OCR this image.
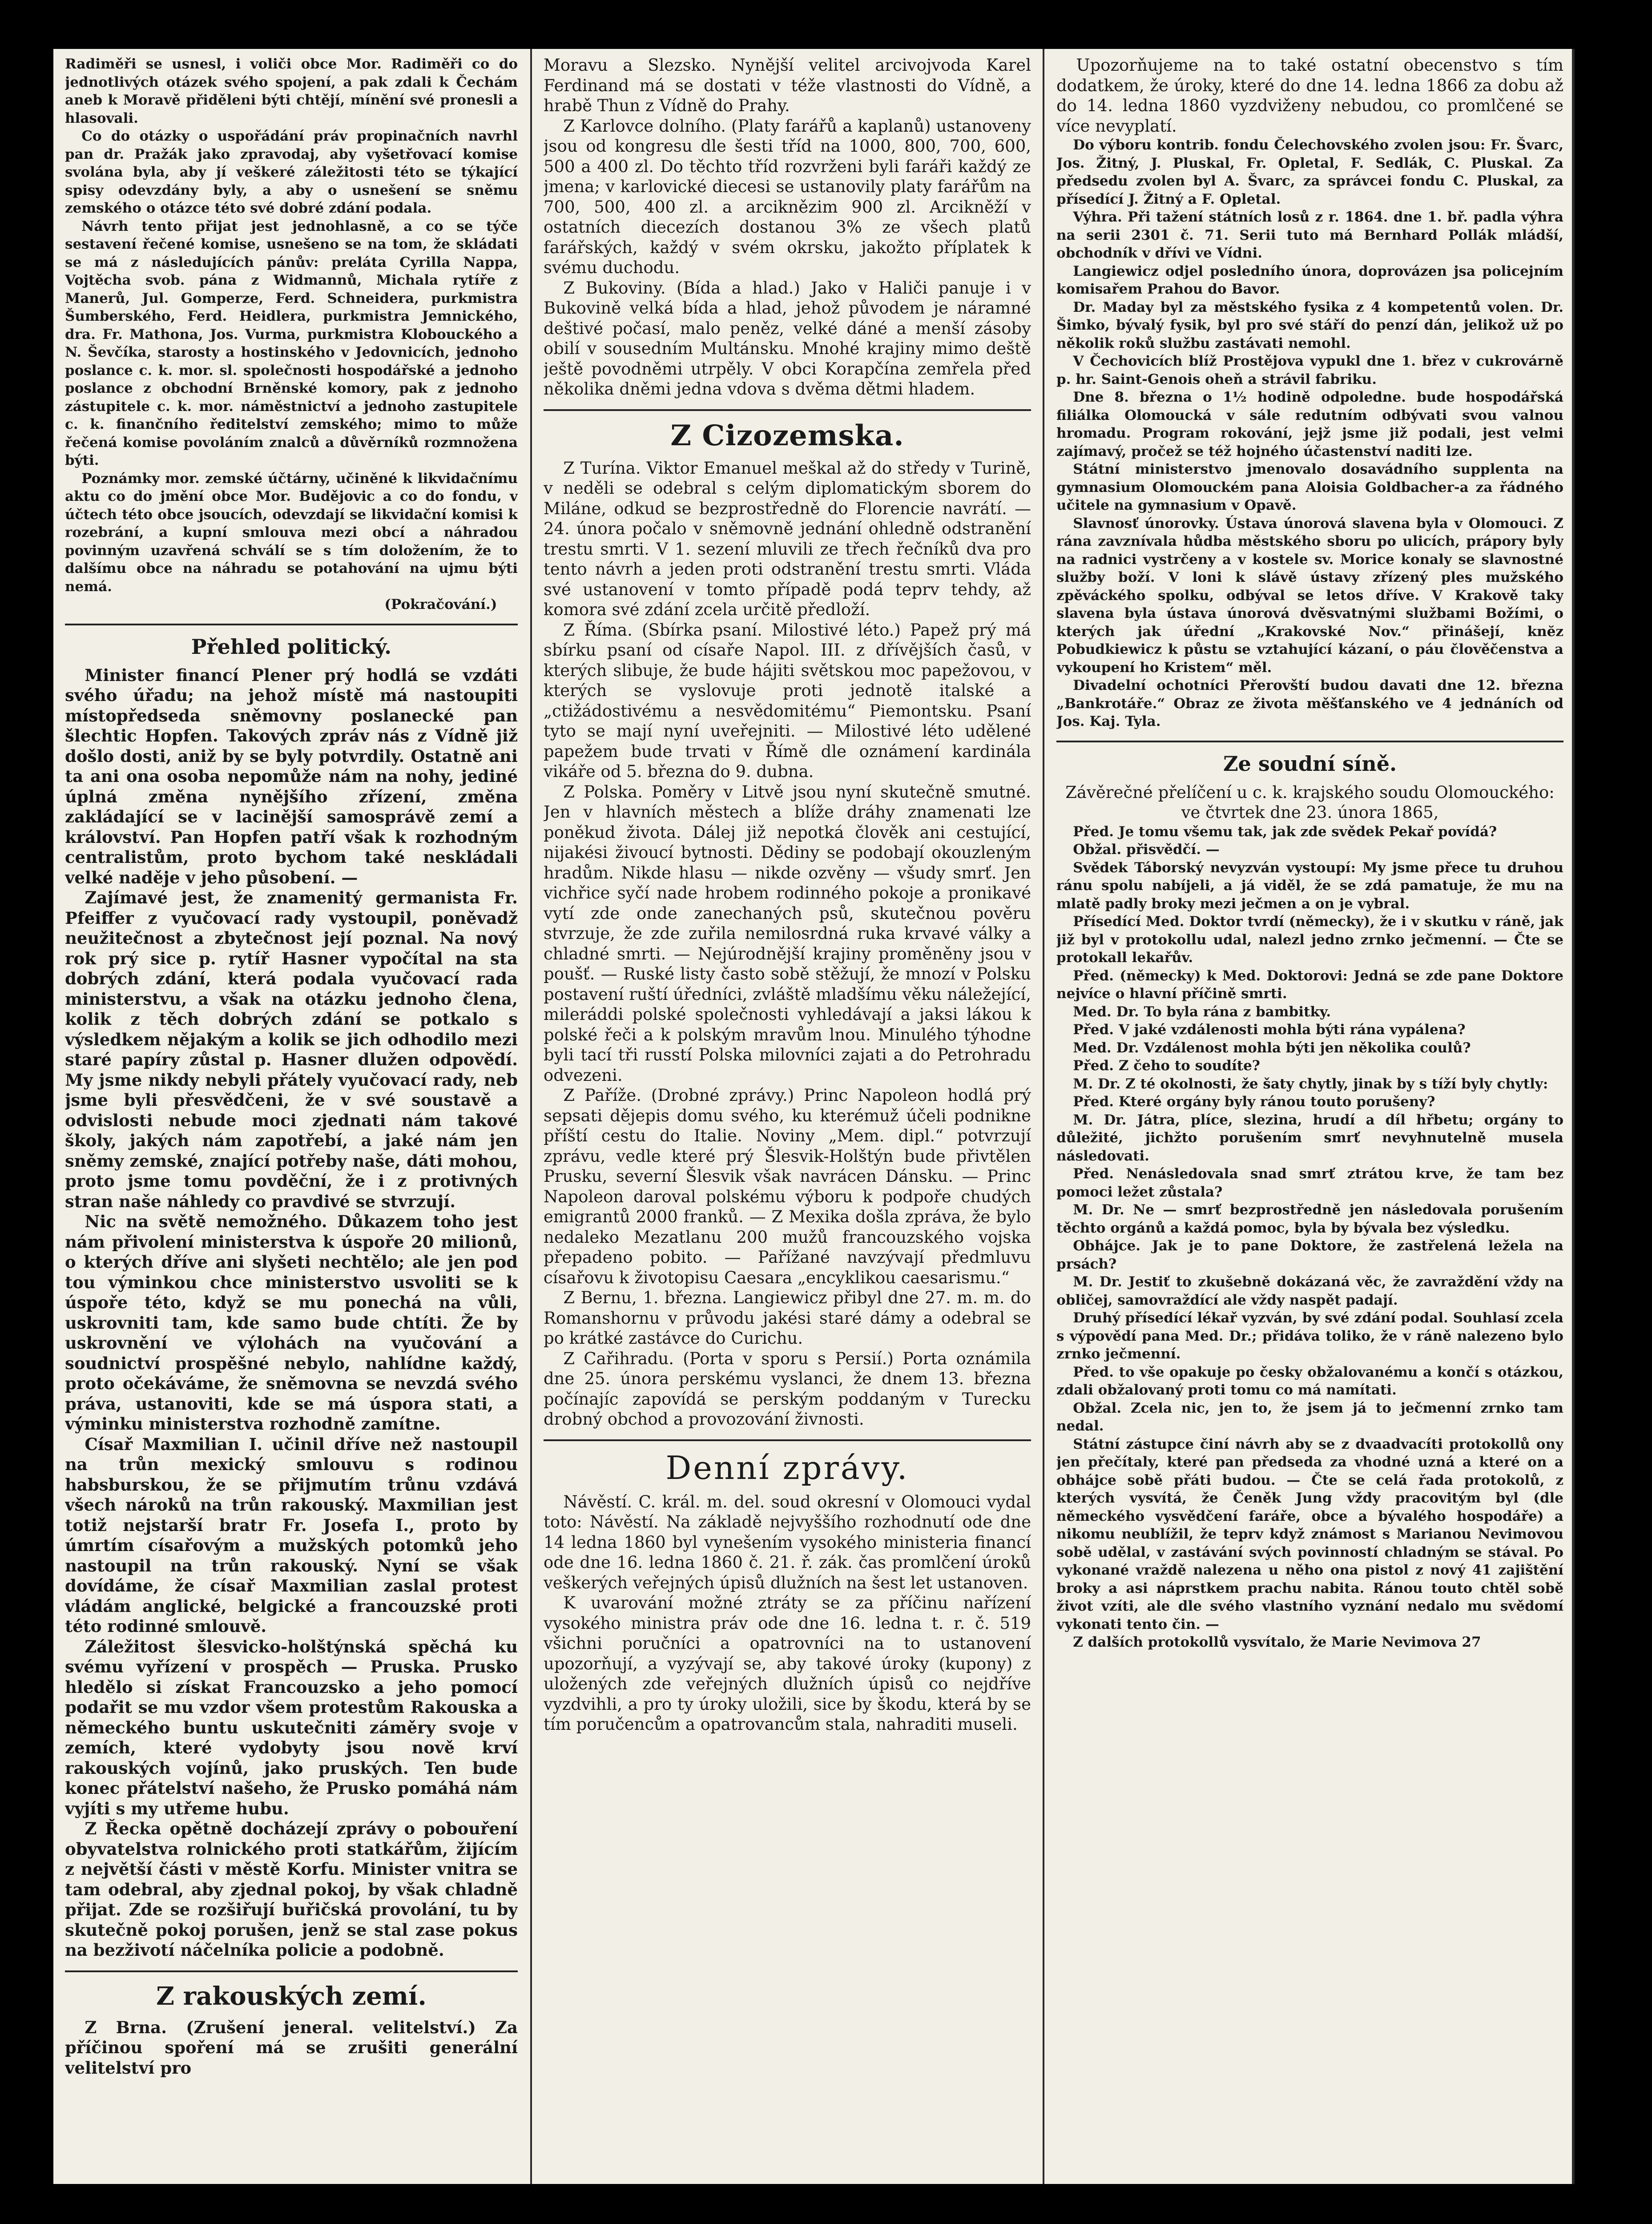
Radiměři se usnesl, i voliči obce Mor. Radiměři co do jednotlivých otázek svého spojení, a pak zdali k Čechám aneb k Moravě přiděleni býti chtějí, mínění své pronesli a hlasovali.

Co do otázky o uspořádání práv propinačních navrhl pan dr. Pražák jako zpravodaj, aby vyšetřovací komise svolána byla, aby jí veškeré záležitosti této se týkající spisy odevzdány byly, a aby o usnešení se sněmu zemského o otázce této své dobré zdání podala.

Návrh tento přijat jest jednohlasně, a co se týče sestavení řečené komise, usnešeno se na tom, že skládati se má z následujících pánův: preláta Cyrilla Nappa, Vojtěcha svob. pána z Widmannů, Michala rytíře z Manerů, Jul. Gomperze, Ferd. Schneidera, purkmistra Šumberského, Ferd. Heidlera, purkmistra Jemnického, dra. Fr. Mathona, Jos. Vurma, purkmistra Klobouckého a N. Ševčíka, starosty a hostinského v Jedovnicích, jednoho poslance c. k. mor. sl. společnosti hospodářské a jednoho poslance z obchodní Brněnské komory, pak z jednoho zástupitele c. k. mor. náměstnictví a jednoho zastupitele c. k. finančního ředitelství zemského; mimo to může řečená komise povoláním znalců a důvěrníků rozmnožena býti.

Poznámky mor. zemské účtárny, učiněné k likvidačnímu aktu co do jmění obce Mor. Budějovic a co do fondu, v účtech této obce jsoucích, odevzdají se likvidační komisi k rozebrání, a kupní smlouva mezi obcí a náhradou povinným uzavřená schválí se s tím doložením, že to dalšímu obce na náhradu se potahování na ujmu býti nemá.

(Pokračování.)

Přehled politický.

Minister financí Plener prý hodlá se vzdáti svého úřadu; na jehož místě má nastoupiti místopředseda sněmovny poslanecké pan šlechtic Hopfen. Takových zpráv nás z Vídně již došlo dosti, aniž by se byly potvrdily. Ostatně ani ta ani ona osoba nepomůže nám na nohy, jediné úplná změna nynějšího zřízení, změna zakládající se v lacinější samosprávě zemí a království. Pan Hopfen patří však k rozhodným centralistům, proto bychom také neskládali velké naděje v jeho působení. —

Zajímavé jest, že znamenitý germanista Fr. Pfeiffer z vyučovací rady vystoupil, poněvadž neužitečnost a zbytečnost její poznal. Na nový rok prý sice p. rytíř Hasner vypočítal na sta dobrých zdání, která podala vyučovací rada ministerstvu, a však na otázku jednoho člena, kolik z těch dobrých zdání se potkalo s výsledkem nějakým a kolik se jich odhodilo mezi staré papíry zůstal p. Hasner dlužen odpovědí. My jsme nikdy nebyli přátely vyučovací rady, neb jsme byli přesvědčeni, že v své soustavě a odvislosti nebude moci zjednati nám takové školy, jakých nám zapotřebí, a jaké nám jen sněmy zemské, znající potřeby naše, dáti mohou, proto jsme tomu povděční, že i z protivných stran naše náhledy co pravdivé se stvrzují.

Nic na světě nemožného. Důkazem toho jest nám přivolení ministerstva k úspoře 20 milionů, o kterých dříve ani slyšeti nechtělo; ale jen pod tou výminkou chce ministerstvo usvoliti se k úspoře této, když se mu ponechá na vůli, uskrovniti tam, kde samo bude chtíti. Že by uskrovnění ve výlohách na vyučování a soudnictví prospěšné nebylo, nahlídne každý, proto očekáváme, že sněmovna se nevzdá svého práva, ustanoviti, kde se má úspora stati, a výminku ministerstva rozhodně zamítne.

Císař Maxmilian I. učinil dříve než nastoupil na trůn mexický smlouvu s rodinou habsburskou, že se přijmutím trůnu vzdává všech nároků na trůn rakouský. Maxmilian jest totiž nejstarší bratr Fr. Josefa I., proto by úmrtím císařovým a mužských potomků jeho nastoupil na trůn rakouský. Nyní se však dovídáme, že císař Maxmilian zaslal protest vládám anglické, belgické a francouzské proti této rodinné smlouvě.

Záležitost šlesvicko-holštýnská spěchá ku svému vyřízení v prospěch — Pruska. Prusko hledělo si získat Francouzsko a jeho pomocí podařit se mu vzdor všem protestům Rakouska a německého buntu uskutečniti záměry svoje v zemích, které vydobyty jsou nově krví rakouských vojínů, jako pruských. Ten bude konec přátelství našeho, že Prusko pomáhá nám vyjíti s my utřeme hubu.

Z Řecka opětně docházejí zprávy o pobouření obyvatelstva rolnického proti statkářům, žijícím z největší části v městě Korfu. Minister vnitra se tam odebral, aby zjednal pokoj, by však chladně přijat. Zde se rozšiřují buřičská provolání, tu by skutečně pokoj porušen, jenž se stal zase pokus na bezživotí náčelníka policie a podobně.

Z rakouských zemí.

Z Brna. (Zrušení jeneral. velitelství.) Za příčinou spoření má se zrušiti generální velitelství pro

Moravu a Slezsko. Nynější velitel arcivojvoda Karel Ferdinand má se dostati v téže vlastnosti do Vídně, a hrabě Thun z Vídně do Prahy.

Z Karlovce dolního. (Platy farářů a kaplanů) ustanoveny jsou od kongresu dle šesti tříd na 1000, 800, 700, 600, 500 a 400 zl. Do těchto tříd rozvrženi byli faráři každý ze jmena; v karlovické diecesi se ustanovily platy farářům na 700, 500, 400 zl. a arciknězim 900 zl. Arcikněží v ostatních diecezích dostanou 3% ze všech platů farářských, každý v svém okrsku, jakožto příplatek k svému duchodu.

Z Bukoviny. (Bída a hlad.) Jako v Haliči panuje i v Bukovině velká bída a hlad, jehož původem je náramné deštivé počasí, malo peněz, velké dáné a menší zásoby obilí v sousedním Multánsku. Mnohé krajiny mimo deště ještě povodněmi utrpěly. V obci Korapčína zemřela před několika dněmi jedna vdova s dvěma dětmi hladem.

Z Cizozemska.

Z Turína. Viktor Emanuel meškal až do středy v Turině, v neděli se odebral s celým diplomatickým sborem do Miláne, odkud se bezprostředně do Florencie navrátí. — 24. února počalo v sněmovně jednání ohledně odstranění trestu smrti. V 1. sezení mluvili ze třech řečníků dva pro tento návrh a jeden proti odstranění trestu smrti. Vláda své ustanovení v tomto případě podá teprv tehdy, až komora své zdání zcela určitě předloží.

Z Říma. (Sbírka psaní. Milostivé léto.) Papež prý má sbírku psaní od císaře Napol. III. z dřívějších časů, v kterých slibuje, že bude hájiti světskou moc papežovou, v kterých se vyslovuje proti jednotě italské a „ctižádostivému a nesvědomitému“ Piemontsku. Psaní tyto se mají nyní uveřejniti. — Milostivé léto udělené papežem bude trvati v Římě dle oznámení kardinála vikáře od 5. března do 9. dubna.

Z Polska. Poměry v Litvě jsou nyní skutečně smutné. Jen v hlavních městech a blíže dráhy znamenati lze poněkud života. Dálej již nepotká člověk ani cestující, nijakési živoucí bytnosti. Dědiny se podobají okouzleným hradům. Nikde hlasu — nikde ozvěny — všudy smrť. Jen vichřice syčí nade hrobem rodinného pokoje a pronikavé vytí zde onde zanechaných psů, skutečnou pověru stvrzuje, že zde zuřila nemilosrdná ruka krvavé války a chladné smrti. — Nejúrodnější krajiny proměněny jsou v poušť. — Ruské listy často sobě stěžují, že mnozí v Polsku postavení ruští úředníci, zvláště mladšímu věku náležející, mileráddi polské společnosti vyhledávají a jaksi lákou k polské řeči a k polským mravům lnou. Minulého týhodne byli tací tři russtí Polska milovníci zajati a do Petrohradu odvezeni.

Z Paříže. (Drobné zprávy.) Princ Napoleon hodlá prý sepsati dějepis domu svého, ku kterémuž účeli podnikne příští cestu do Italie. Noviny „Mem. dipl.“ potvrzují zprávu, vedle které prý Šlesvik-Holštýn bude přivtělen Prusku, severní Šlesvik však navrácen Dánsku. — Princ Napoleon daroval polskému výboru k podpoře chudých emigrantů 2000 franků. — Z Mexika došla zpráva, že bylo nedaleko Mezatlanu 200 mužů francouzského vojska přepadeno pobito. — Pařížané navzývají předmluvu císařovu k životopisu Caesara „encyklikou caesarismu.“

Z Bernu, 1. března. Langiewicz přibyl dne 27. m. m. do Romanshornu v průvodu jakési staré dámy a odebral se po krátké zastávce do Curichu.

Z Cařihradu. (Porta v sporu s Persií.) Porta oznámila dne 25. února perskému vyslanci, že dnem 13. března počínajíc zapovídá se perským poddaným v Turecku drobný obchod a provozování živnosti.

Denní zprávy.

Návěstí. C. král. m. del. soud okresní v Olomouci vydal toto: Návěstí. Na základě nejvyššího rozhodnutí ode dne 14 ledna 1860 byl vynešením vysokého ministeria financí ode dne 16. ledna 1860 č. 21. ř. zák. čas promlčení úroků veškerých veřejných úpisů dlužních na šest let ustanoven.

K uvarování možné ztráty se za příčinu nařízení vysokého ministra práv ode dne 16. ledna t. r. č. 519 všichni poručníci a opatrovníci na to ustanovení upozorňují, a vyzývají se, aby takové úroky (kupony) z uložených zde veřejných dlužních úpisů co nejdříve vyzdvihli, a pro ty úroky uložili, sice by škodu, která by se tím poručencům a opatrovancům stala, nahraditi museli.

Upozorňujeme na to také ostatní obecenstvo s tím dodatkem, že úroky, které do dne 14. ledna 1866 za dobu až do 14. ledna 1860 vyzdviženy nebudou, co promlčené se více nevyplatí.

Do výboru kontrib. fondu Čelechovského zvolen jsou: Fr. Švarc, Jos. Žitný, J. Pluskal, Fr. Opletal, F. Sedlák, C. Pluskal. Za předsedu zvolen byl A. Švarc, za správcei fondu C. Pluskal, za přísedící J. Žitný a F. Opletal.

Výhra. Při tažení státních losů z r. 1864. dne 1. bř. padla výhra na serii 2301 č. 71. Serii tuto má Bernhard Pollák mládší, obchodník v dřívi ve Vídni.

Langiewicz odjel posledního února, doprovázen jsa policejním komisařem Prahou do Bavor.

Dr. Maday byl za městského fysika z 4 kompetentů volen. Dr. Šimko, bývalý fysik, byl pro své stáří do penzí dán, jelikož už po několik roků službu zastávati nemohl.

V Čechovicích blíž Prostějova vypukl dne 1. břez v cukrovárně p. hr. Saint-Genois oheň a strávil fabriku.

Dne 8. března o 1½ hodině odpoledne. bude hospodářská filiálka Olomoucká v sále redutním odbývati svou valnou hromadu. Program rokování, jejž jsme již podali, jest velmi zajímavý, pročež se též hojného účastenství naditi lze.

Státní ministerstvo jmenovalo dosavádního supplenta na gymnasium Olomouckém pana Aloisia Goldbacher-a za řádného učitele na gymnasium v Opavě.

Slavnosť únorovky. Ústava únorová slavena byla v Olomouci. Z rána zavznívala hůdba městského sboru po ulicích, prápory byly na radnici vystrčeny a v kostele sv. Morice konaly se slavnostné služby boží. V loni k slávě ústavy zřízený ples mužského zpěváckého spolku, odbýval se letos dříve. V Krakově taky slavena byla ústava únorová dvěsvatnými službami Božími, o kterých jak úřední „Krakovské Nov.“ přinášejí, knĕz Pobudkiewicz k půstu se vztahující kázaní, o páu člověčenstva a vykoupení ho Kristem“ měl.

Divadelní ochotníci Přerovští budou davati dne 12. března „Bankrotáře.“ Obraz ze života měšťanského ve 4 jednáních od Jos. Kaj. Tyla.

Ze soudní síně.

Závěrečné přelíčení u c. k. krajského soudu Olomouckého:

ve čtvrtek dne 23. února 1865,

Před. Je tomu všemu tak, jak zde svědek Pekař povídá?

Obžal. přisvědčí. —

Svědek Táborský nevyzván vystoupí: My jsme přece tu druhou ránu spolu nabíjeli, a já viděl, že se zdá pamatuje, že mu na mlatě padly broky mezi ječmen a on je vybral.

Přísedící Med. Doktor tvrdí (německy), že i v skutku v ráně, jak již byl v protokollu udal, nalezl jedno zrnko ječmenní. — Čte se protokall lekařův.

Před. (německy) k Med. Doktorovi: Jedná se zde pane Doktore nejvíce o hlavní příčině smrti.

Med. Dr. To byla rána z bambitky.

Před. V jaké vzdálenosti mohla býti rána vypálena?

Med. Dr. Vzdálenost mohla býti jen několika coulů?

Před. Z čeho to soudíte?

M. Dr. Z té okolnosti, že šaty chytly, jinak by s tíží byly chytly:

Před. Které orgány byly ránou touto porušeny?

M. Dr. Játra, plíce, slezina, hrudí a díl hřbetu; orgány to důležité, jichžto porušením smrť nevyhnutelně musela následovati.

Před. Nenásledovala snad smrť ztrátou krve, že tam bez pomoci ležet zůstala?

M. Dr. Ne — smrť bezprostředně jen následovala porušením těchto orgánů a každá pomoc, byla by bývala bez výsledku.

Obhájce. Jak je to pane Doktore, že zastřelená ležela na prsách?

M. Dr. Jestiť to zkušebně dokázaná věc, že zavraždění vždy na obličej, samovraždící ale vždy naspět padají.

Druhý přísedící lékař vyzván, by své zdání podal. Souhlasí zcela s výpovědí pana Med. Dr.; přidáva toliko, že v ráně nalezeno bylo zrnko ječmenní.

Před. to vše opakuje po česky obžalovanému a končí s otázkou, zdali obžalovaný proti tomu co má namítati.

Obžal. Zcela nic, jen to, že jsem já to ječmenní zrnko tam nedal.

Státní zástupce činí návrh aby se z dvaadvacíti protokollů ony jen přečítaly, které pan předseda za vhodné uzná a které on a obhájce sobě přáti budou. — Čte se celá řada protokolů, z kterých vysvítá, že Čeněk Jung vždy pracovitým byl (dle německého vysvědčení faráře, obce a bývalého hospodáře) a nikomu neublížil, že teprv když známost s Marianou Nevimovou sobě udělal, v zastávání svých povinností chladným se stával. Po vykonané vraždě nalezena u něho ona pistol z nový 41 zajištění broky a asi náprstkem prachu nabita. Ránou touto chtěl sobě život vzíti, ale dle svého vlastního vyznání nedalo mu svědomí vykonati tento čin. —

Z dalších protokollů vysvítalo, že Marie Nevimova 27
